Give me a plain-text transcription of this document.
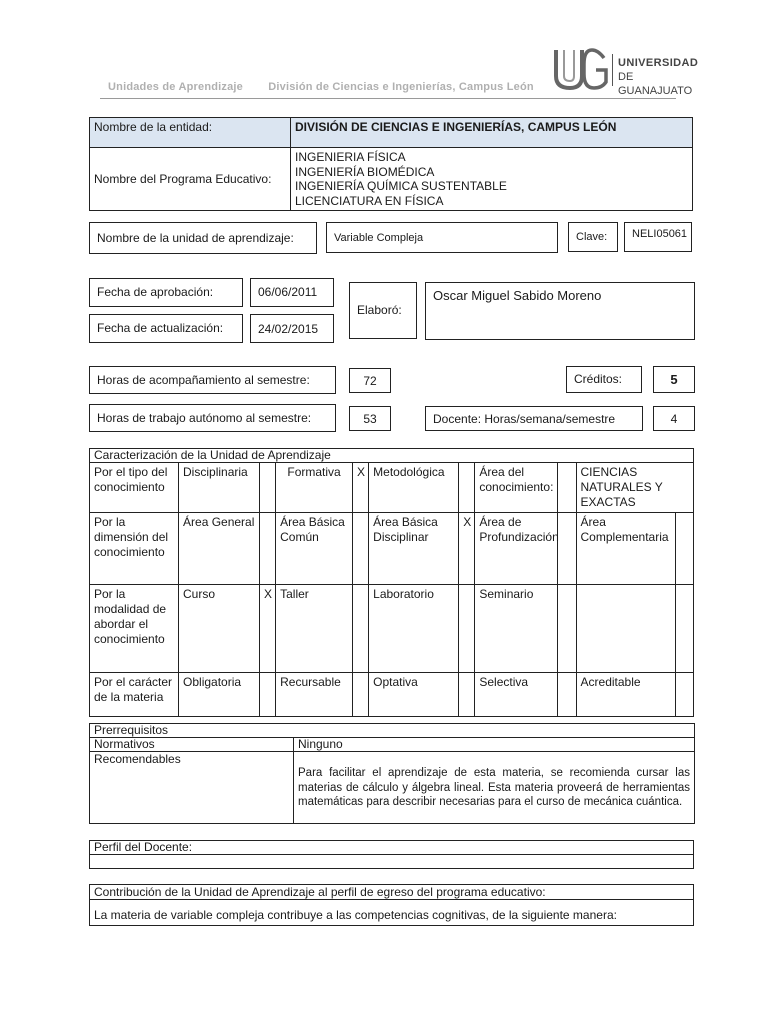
Unidades de Aprendizaje División de Ciencias e Ingenierías, Campus León
UNIVERSIDAD
DE GUANAJUATO
Nombre de la entidad:	DIVISIÓN DE CIENCIAS E INGENIERÍAS, CAMPUS LEÓN
Nombre del Programa Educativo:	INGENIERIA FÍSICA
INGENIERÍA BIOMÉDICA
INGENIERÍA QUÍMICA SUSTENTABLE
LICENCIATURA EN FÍSICA
Nombre de la unidad de aprendizaje:	Variable Compleja	Clave:	NELI05061
Fecha de aprobación:	06/06/2011
Fecha de actualización:	24/02/2015
Elaboró:
Oscar Miguel Sabido Moreno
Horas de acompañamiento al semestre:	72	Créditos:	5
Horas de trabajo autónomo al semestre:	53	Docente: Horas/semana/semestre	4
Caracterización de la Unidad de Aprendizaje										
Por el tipo del conocimiento	Disciplinaria		Formativa	X	Metodológica		Área del conocimiento:		CIENCIAS NATURALES Y EXACTAS	
Por la dimensión del conocimiento	Área General		Área Básica Común		Área Básica Disciplinar	X	Área de Profundización		Área Complementaria	
Por la modalidad de abordar el conocimiento	Curso	X	Taller		Laboratorio		Seminario			
Por el carácter de la materia	Obligatoria		Recursable		Optativa		Selectiva		Acreditable	
Prerrequisitos	
Normativos	Ninguno
Recomendables	Para facilitar el aprendizaje de esta materia, se recomienda cursar las materias de cálculo y álgebra lineal. Esta materia proveerá de herramientas matemáticas para describir necesarias para el curso de mecánica cuántica.
Perfil del Docente:

Contribución de la Unidad de Aprendizaje al perfil de egreso del programa educativo:
La materia de variable compleja contribuye a las competencias cognitivas, de la siguiente manera:
